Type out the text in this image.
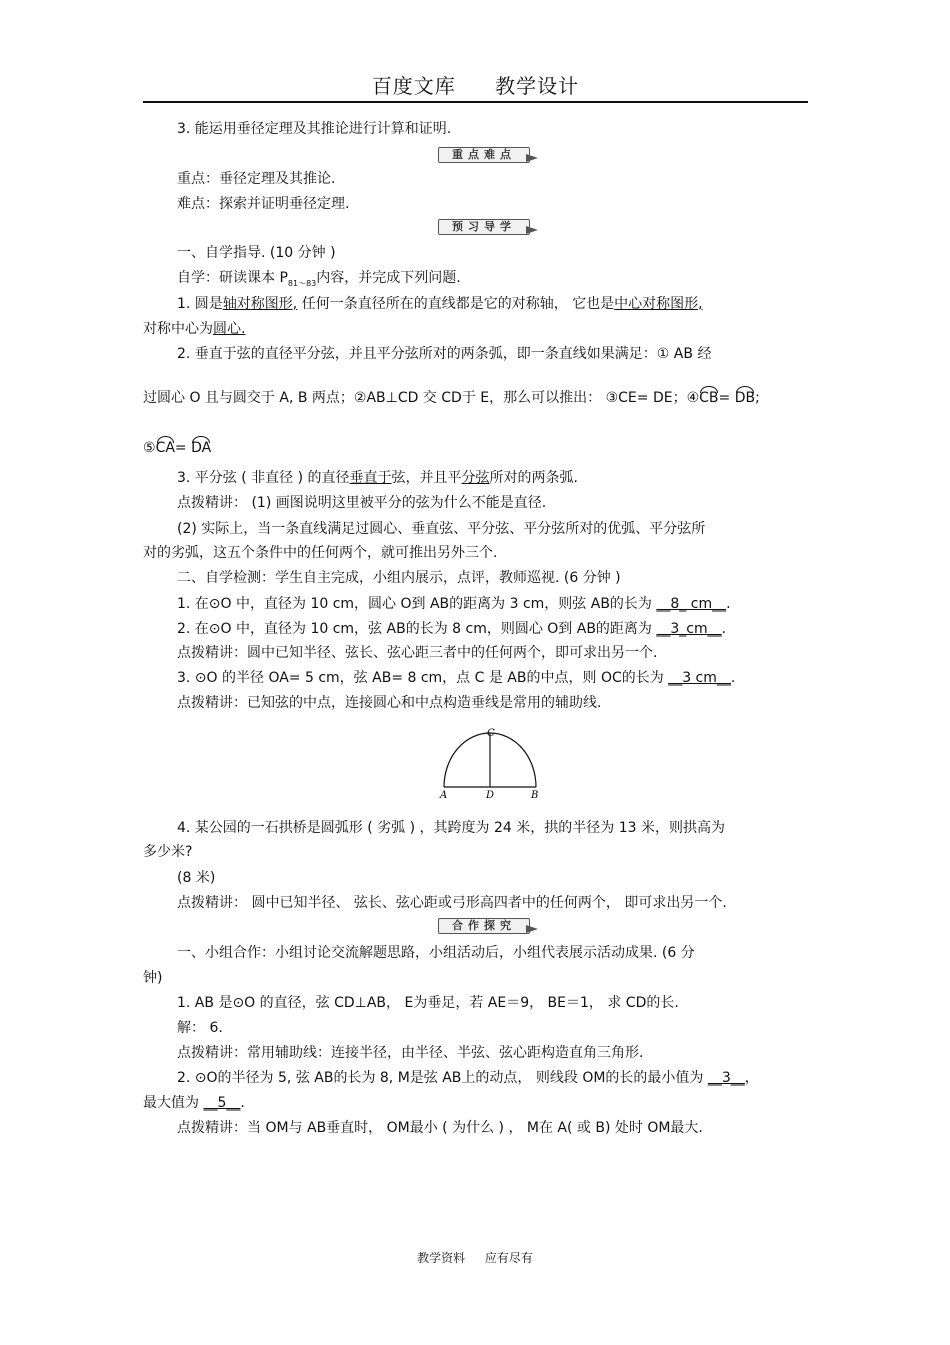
百度文库 教学设计
3. 能运用垂径定理及其推论进行计算和证明.
重点难点
重点：垂径定理及其推论.
难点：探索并证明垂径定理.
预习导学
一、自学指导. (10 分钟 )
自学：研读课本 $P_{81\sim 83}$内容，并完成下列问题.
1. 圆是轴对称图形, 任何一条直径所在的直线都是它的对称轴， 它也是中心对称图形,
对称中心为圆心.
2. 垂直于弦的直径平分弦，并且平分弦所对的两条弧，即一条直线如果满足：① AB 经
过圆心 O 且与圆交于 A, B 两点；②AB⊥CD 交 CD于 E，那么可以推出： ③CE= DE；④CB= DB;
⑤CA= DA
3. 平分弦 ( 非直径 ) 的直径垂直于弦，并且平分弦所对的两条弧.
点拨精讲： (1) 画图说明这里被平分的弦为什么不能是直径.
(2) 实际上，当一条直线满足过圆心、垂直弦、平分弦、平分弦所对的优弧、平分弦所
对的劣弧，这五个条件中的任何两个，就可推出另外三个.
二、自学检测：学生自主完成，小组内展示，点评，教师巡视. (6 分钟 )
1. 在⊙O 中，直径为 10 cm，圆心 O到 AB的距离为 3 cm，则弦 AB的长为 __8_ cm__.
2. 在⊙O 中，直径为 10 cm，弦 AB的长为 8 cm，则圆心 O到 AB的距离为 __3_cm__.
点拨精讲：圆中已知半径、弦长、弦心距三者中的任何两个，即可求出另一个.
3. ⊙O 的半径 OA= 5 cm，弦 AB= 8 cm，点 C 是 AB的中点，则 OC的长为 __3 cm__.
点拨精讲：已知弦的中点，连接圆心和中点构造垂线是常用的辅助线.
A	D	B
C
4. 某公园的一石拱桥是圆弧形 ( 劣弧 ) ，其跨度为 24 米，拱的半径为 13 米，则拱高为
多少米?
(8 米)
点拨精讲： 圆中已知半径、 弦长、弦心距或弓形高四者中的任何两个， 即可求出另一个.
合作探究
一、小组合作：小组讨论交流解题思路，小组活动后，小组代表展示活动成果. (6 分
钟)
1. AB 是⊙O 的直径，弦 CD⊥AB， E为垂足，若 AE＝9， BE＝1， 求 CD的长.
解： 6.
点拨精讲：常用辅助线：连接半径，由半径、半弦、弦心距构造直角三角形.
2. ⊙O的半径为 5, 弦 AB的长为 8, M是弦 AB上的动点， 则线段 OM的长的最小值为 __3__，
最大值为 __5__.
点拨精讲：当 OM与 AB垂直时， OM最小 ( 为什么 ) ， M在 A( 或 B) 处时 OM最大.
教学资料 应有尽有
